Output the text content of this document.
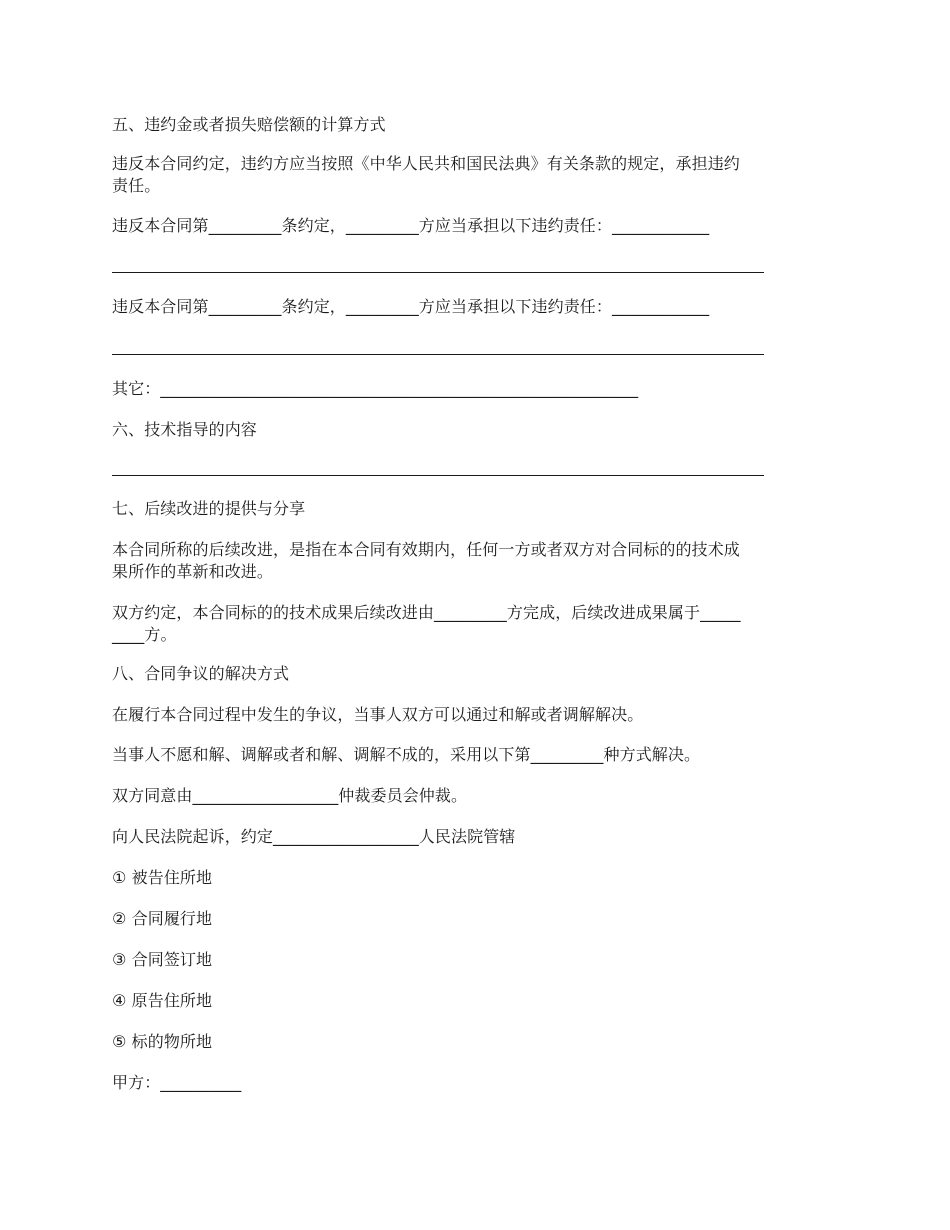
五、违约金或者损失赔偿额的计算方式

违反本合同约定，违约方应当按照《中华人民共和国民法典》有关条款的规定，承担违约
责任。

违反本合同第_________条约定，_________方应当承担以下违约责任：____________

违反本合同第_________条约定，_________方应当承担以下违约责任：____________

其它：___________________________________________________________

六、技术指导的内容

七、后续改进的提供与分享

本合同所称的后续改进，是指在本合同有效期内，任何一方或者双方对合同标的的技术成
果所作的革新和改进。

双方约定，本合同标的的技术成果后续改进由_________方完成，后续改进成果属于_____
____方。

八、合同争议的解决方式

在履行本合同过程中发生的争议，当事人双方可以通过和解或者调解解决。

当事人不愿和解、调解或者和解、调解不成的，采用以下第_________种方式解决。

双方同意由__________________仲裁委员会仲裁。

向人民法院起诉，约定__________________人民法院管辖

① 被告住所地

② 合同履行地

③ 合同签订地

④ 原告住所地

⑤ 标的物所地

甲方：__________
